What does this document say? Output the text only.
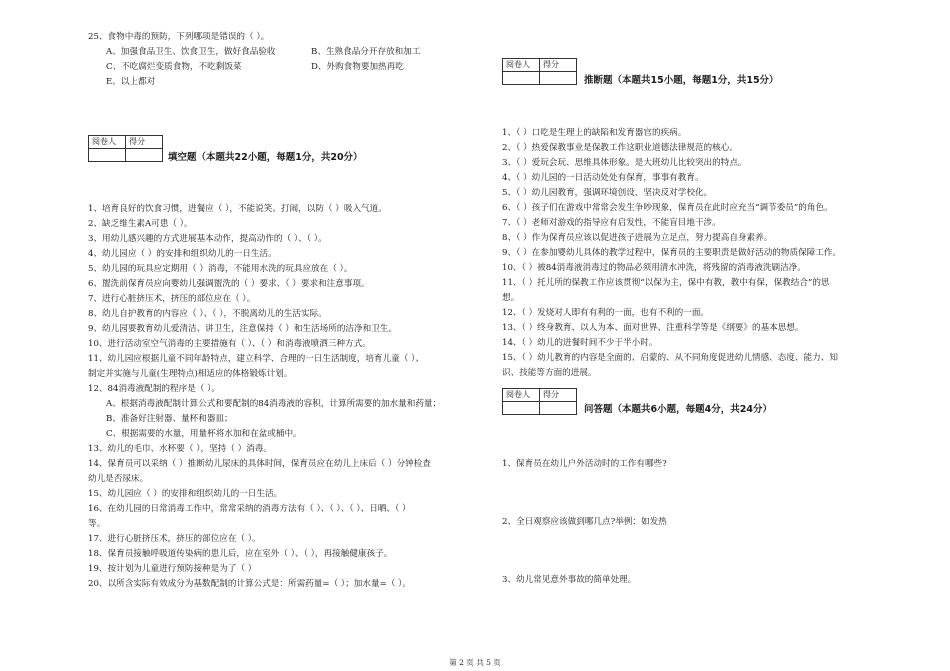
25、食物中毒的预防，下列哪项是错误的（ ）。
A、加强食品卫生、饮食卫生，做好食品验收	B、生熟食品分开存放和加工
C、不吃腐烂变质食物，不吃剩饭菜	D、外购食物要加热再吃
E、以上都对
阅卷人	得分

填空题（本题共22小题，每题1分，共20分）
1、培育良好的饮食习惯，进餐应（ ），不能说笑、打闹，以防（ ）吸入气道。
2、缺乏维生素A可患（ ）。
3、用幼儿感兴趣的方式进展基本动作，提高动作的（ ）、（ ）。
4、幼儿园应（ ）的安排和组织幼儿的一日生活。
5、幼儿园的玩具应定期用（ ）消毒，不能用水洗的玩具应放在（ ）。
6、盥洗前保育员应向婴幼儿强调盥洗的（ ）要求、（ ）要求和注意事项。
7、进行心脏挤压术，挤压的部位应在（ ）。
8、幼儿自护教育的内容应（ ）、（ ），不脱离幼儿的生活实际。
9、幼儿园要教育幼儿爱清洁、讲卫生，注意保持（ ）和生活场所的洁净和卫生。
10、进行活动室空气消毒的主要措施有（ ）、（ ）和消毒液喷洒三种方式。
11、幼儿园应根据儿童不同年龄特点，建立科学、合理的一日生活制度，培育儿童（ ）、
制定并实施与儿童(生理特点)相适应的体格锻炼计划。
12、84消毒液配制的程序是（ ）。
A、根据消毒液配制计算公式和要配制的84消毒液的容积，计算所需要的加水量和药量；
B、准备好注射器、量杯和器皿；
C、根据需要的水量，用量杯将水加和在盆或桶中。
13、幼儿的毛巾、水杯要（ ），坚持（ ）消毒。
14、保育员可以采纳（ ）推断幼儿尿床的具体时间，保育员应在幼儿上床后（ ）分钟检查
幼儿是否尿床。
15、幼儿园应（ ）的安排和组织幼儿的一日生活。
16、在幼儿园的日常消毒工作中，常常采纳的消毒方法有（ ）、（ ）、（ ）、日晒、（ ）
等。
17、进行心脏挤压术，挤压的部位应在（ ）。
18、保育员接触呼吸道传染病的患儿后，应在室外（ ）、（ ），再接触健康孩子。
19、按计划为儿童进行预防接种是为了（ ）
20、以所含实际有效成分为基数配制的计算公式是：所需药量=（ ）；加水量=（ ）。
阅卷人	得分

推断题（本题共15小题，每题1分，共15分）
1、（ ）口吃是生理上的缺陷和发育器官的疾病。
2、（ ）热爱保教事业是保教工作这职业道德法律规范的核心。
3、（ ）爱玩会玩、思维具体形象。是大班幼儿比较突出的特点。
4、（ ）幼儿园的一日活动处处有保育，事事有教育。
5、（ ）幼儿园教育，强调环境创设，坚决反对学校化。
6、（ ）孩子们在游戏中常常会发生争吵现象，保育员在此时应充当“调节委员”的角色。
7、（ ）老师对游戏的指导应有启发性，不能盲目地干涉。
8、（ ）作为保育员应该以促进孩子进展为立足点，努力提高自身素养。
9、（ ）在参加婴幼儿具体的教学过程中，保育员的主要职责是做好活动的物质保障工作。
10、（ ）被84消毒液消毒过的物品必须用清水冲洗，将残留的消毒液洗刷洁净。
11、（ ）托儿所的保教工作应该贯彻“以保为主，保中有教，教中有保，保教结合”的思
想。
12、（ ）发烧对人即有有利的一面，也有不利的一面。
13、（ ）终身教育、以人为本、面对世界、注重科学等是《纲要》的基本思想。
14、（ ）幼儿的进餐时间不少于半小时。
15、（ ）幼儿教育的内容是全面的、启蒙的、从不同角度促进幼儿情感、态度、能力、知
识、技能等方面的进展。
阅卷人	得分

问答题（本题共6小题，每题4分，共24分）
1、保育员在幼儿户外活动时的工作有哪些?
2、全日观察应该做到哪几点?举例：如发热
3、幼儿常见意外事故的简单处理。
第 2 页 共 5 页
